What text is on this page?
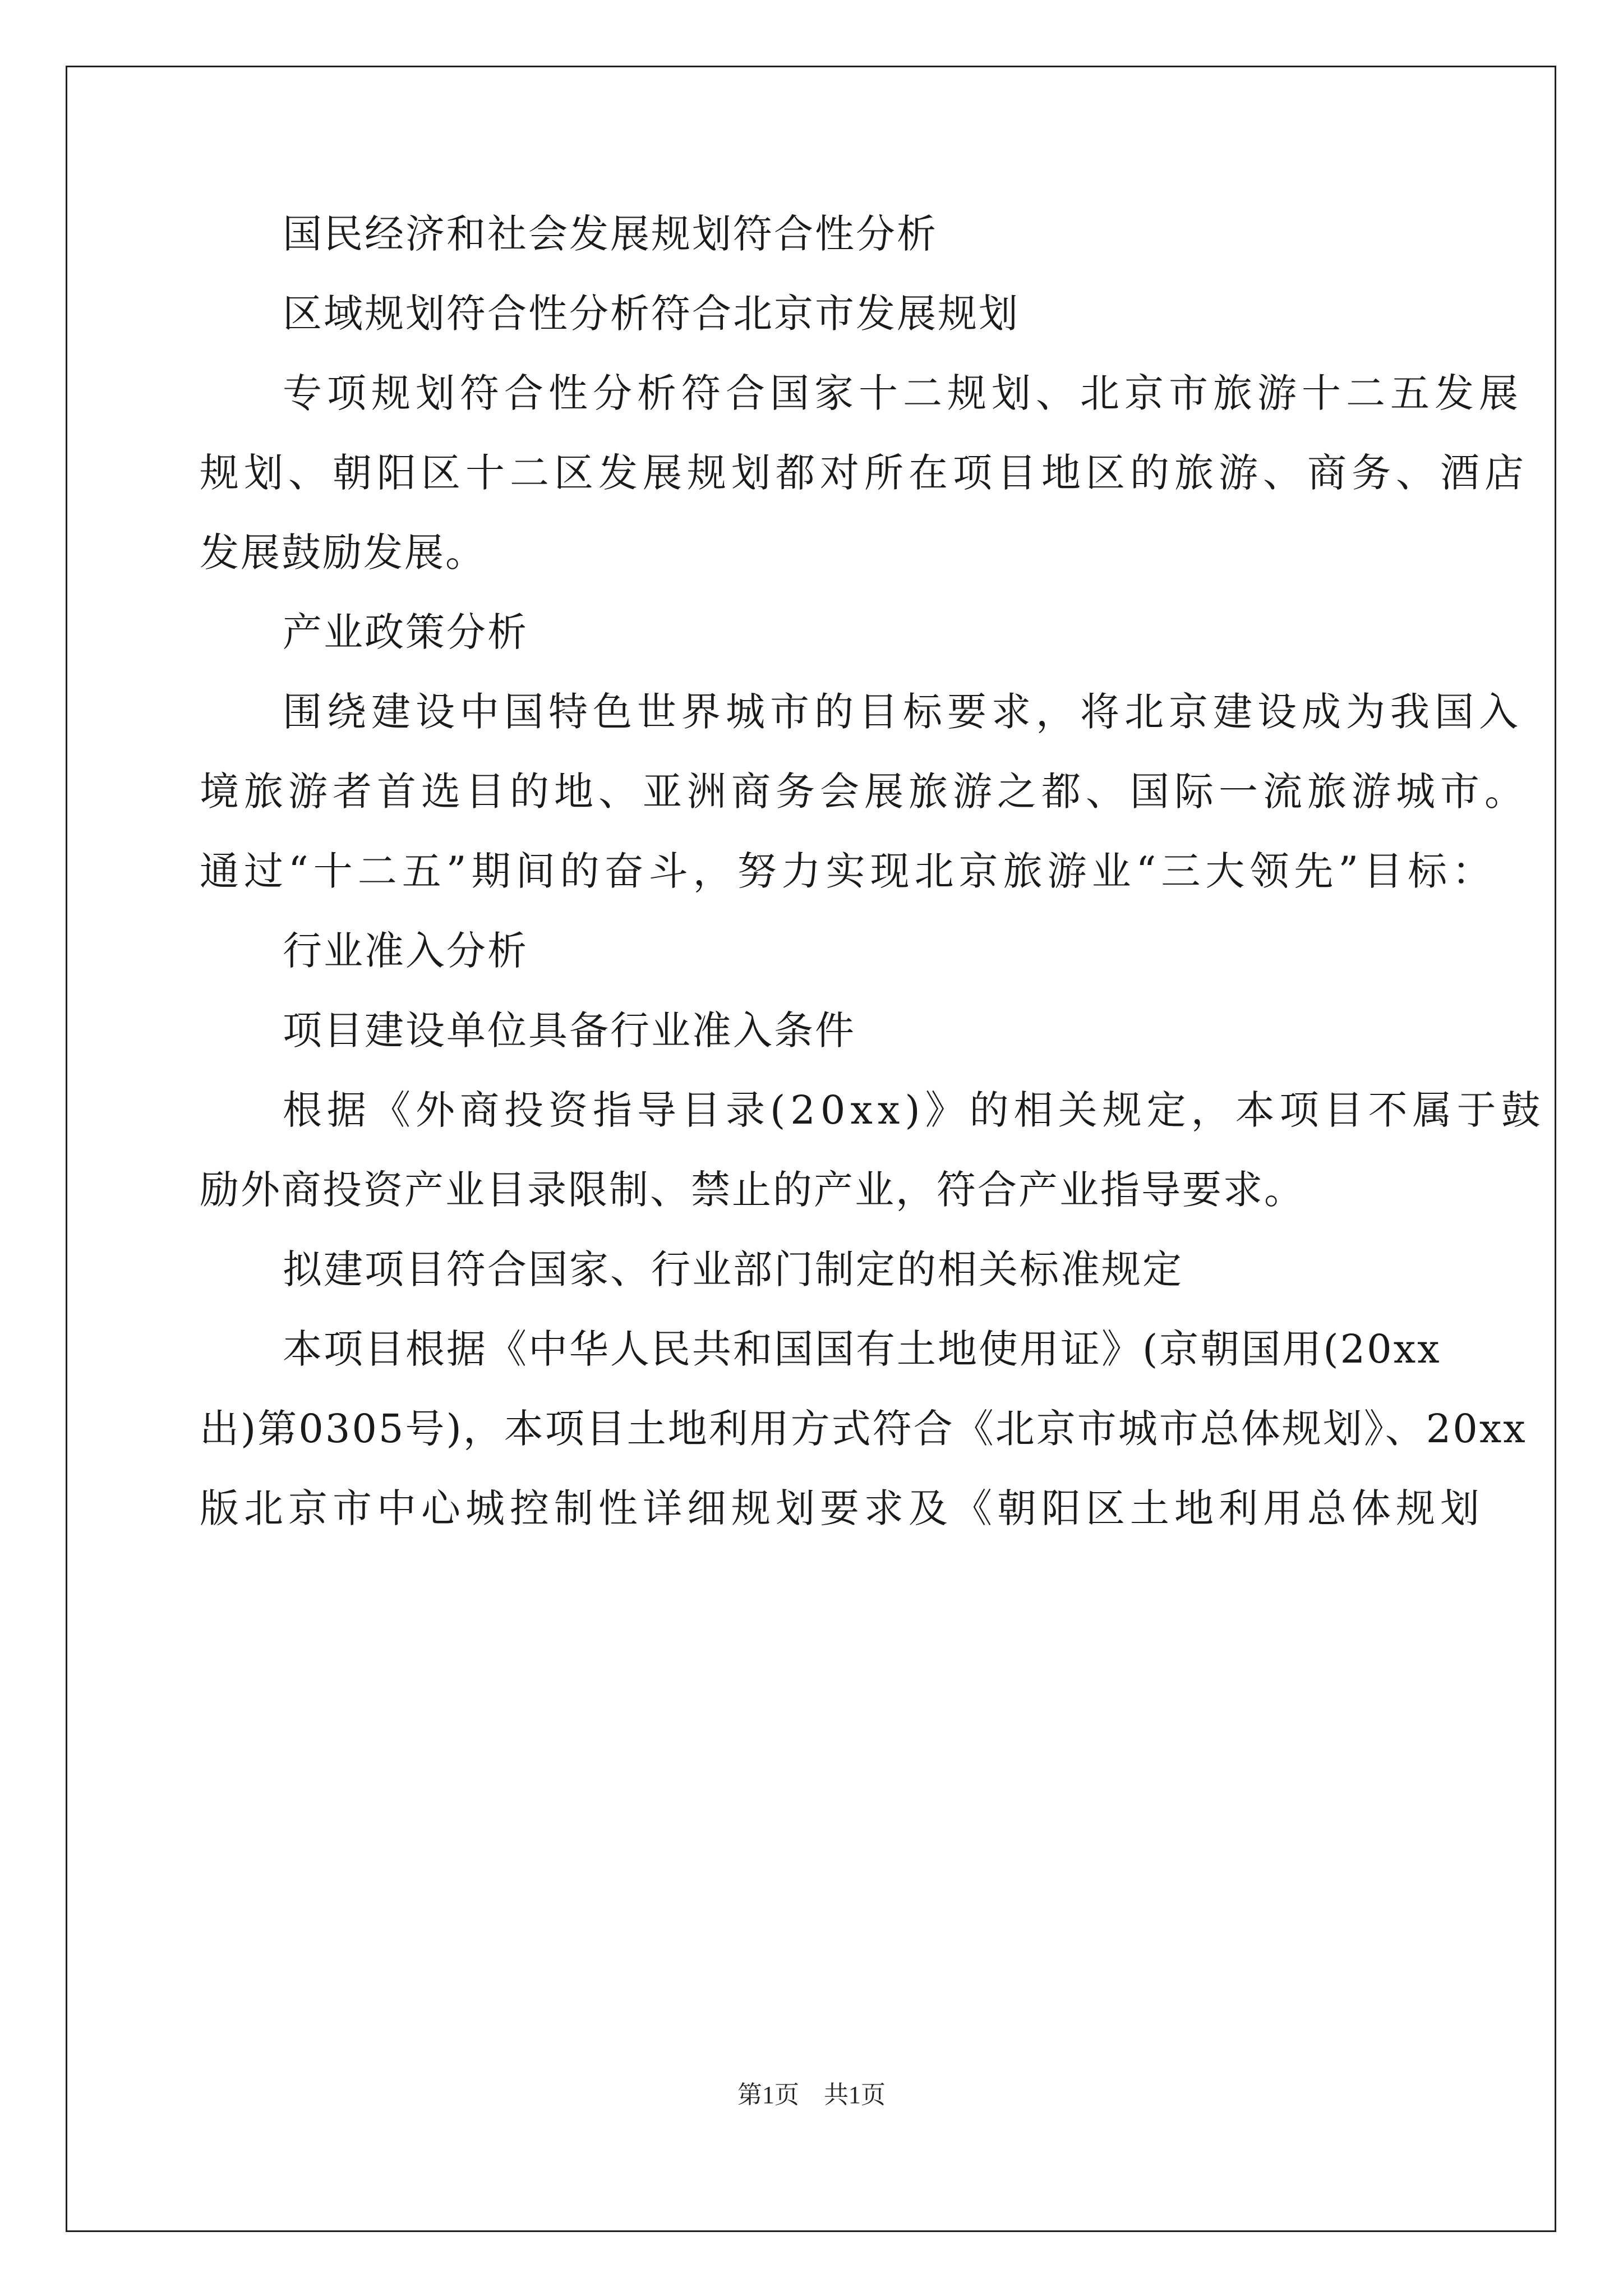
国民经济和社会发展规划符合性分析
区域规划符合性分析符合北京市发展规划
专项规划符合性分析符合国家十二规划、北京市旅游十二五发展
规划、朝阳区十二区发展规划都对所在项目地区的旅游、商务、酒店
发展鼓励发展。
产业政策分析
围绕建设中国特色世界城市的目标要求，将北京建设成为我国入
境旅游者首选目的地、亚洲商务会展旅游之都、国际一流旅游城市。
通过“十二五”期间的奋斗，努力实现北京旅游业“三大领先”目标：
行业准入分析
项目建设单位具备行业准入条件
根据《外商投资指导目录(20xx)》的相关规定，本项目不属于鼓
励外商投资产业目录限制、禁止的产业，符合产业指导要求。
拟建项目符合国家、行业部门制定的相关标准规定
本项目根据《中华人民共和国国有土地使用证》(京朝国用(20xx
出)第0305号)，本项目土地利用方式符合《北京市城市总体规划》、20xx
版北京市中心城控制性详细规划要求及《朝阳区土地利用总体规划
第1页　共1页
